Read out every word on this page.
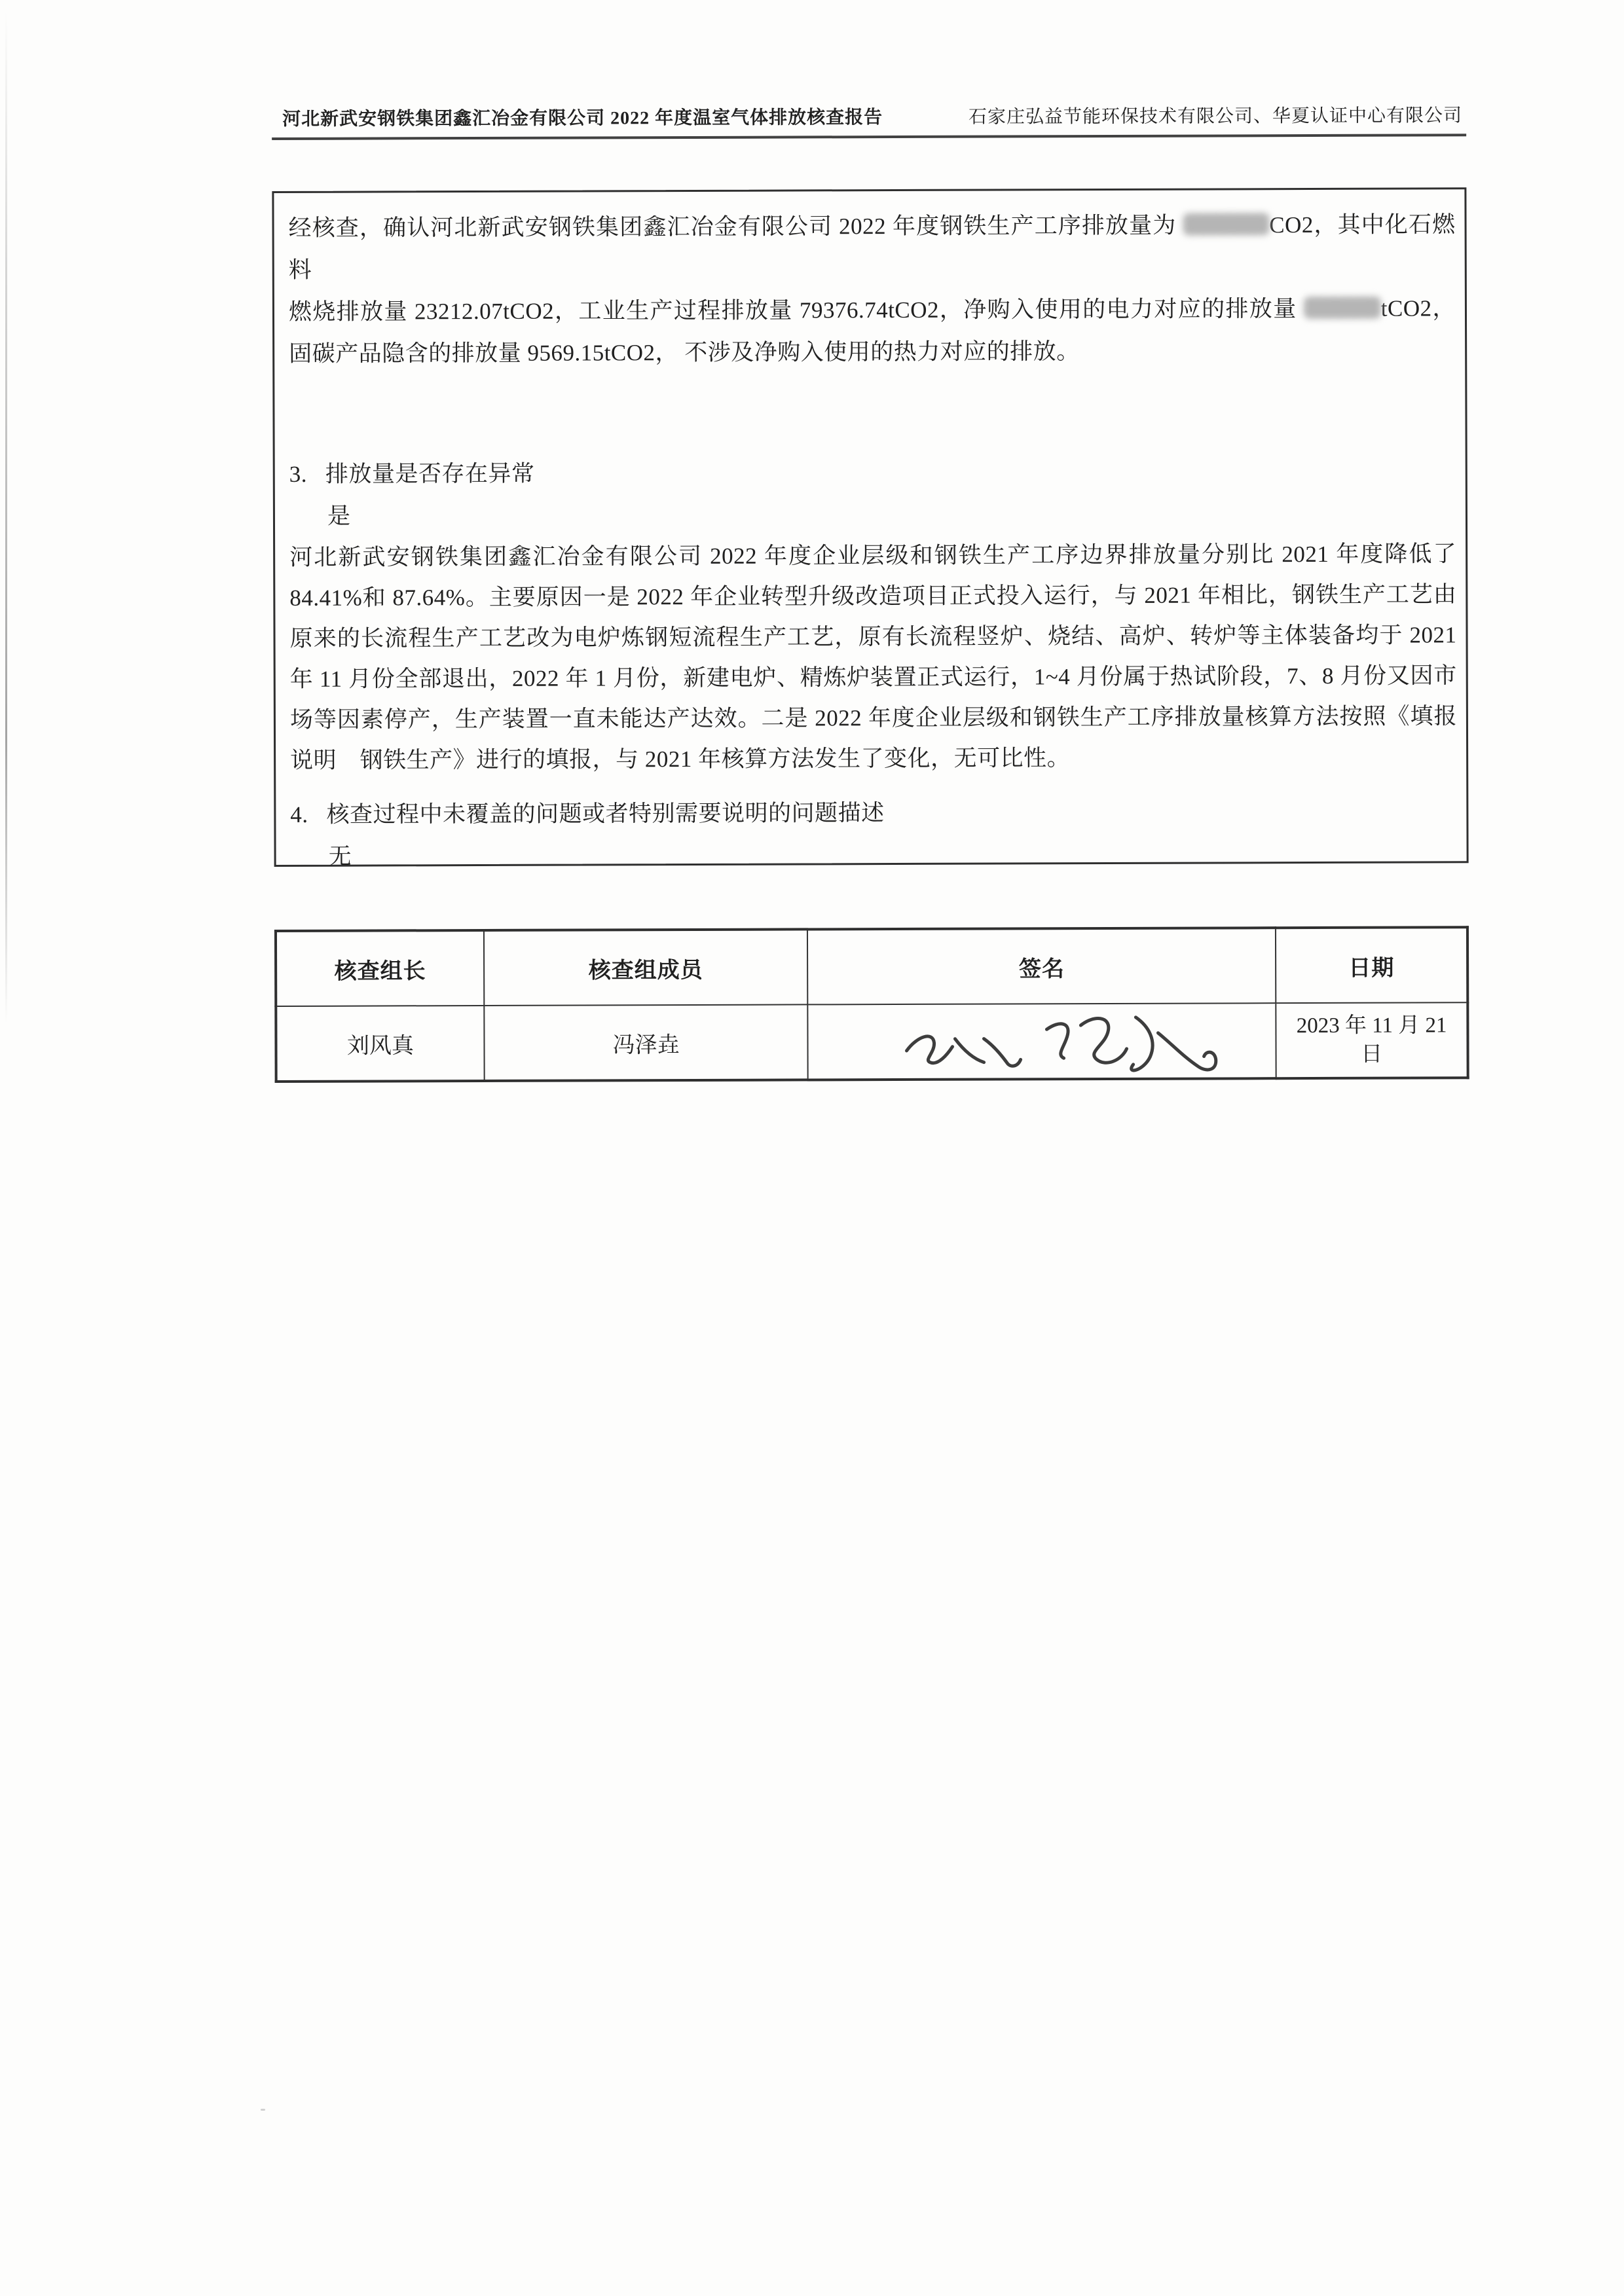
河北新武安钢铁集团鑫汇冶金有限公司 2022 年度温室气体排放核查报告	石家庄弘益节能环保技术有限公司、华夏认证中心有限公司
经核查，确认河北新武安钢铁集团鑫汇冶金有限公司 2022 年度钢铁生产工序排放量为	CO2，其中化石燃料
燃烧排放量 23212.07tCO2，工业生产过程排放量 79376.74tCO2，净购入使用的电力对应的排放量	tCO2，
固碳产品隐含的排放量 9569.15tCO2， 不涉及净购入使用的热力对应的排放。
3. 排放量是否存在异常
是
河北新武安钢铁集团鑫汇冶金有限公司 2022 年度企业层级和钢铁生产工序边界排放量分别比 2021 年度降低了
84.41%和 87.64%。主要原因一是 2022 年企业转型升级改造项目正式投入运行，与 2021 年相比，钢铁生产工艺由
原来的长流程生产工艺改为电炉炼钢短流程生产工艺，原有长流程竖炉、烧结、高炉、转炉等主体装备均于 2021
年 11 月份全部退出，2022 年 1 月份，新建电炉、精炼炉装置正式运行，1~4 月份属于热试阶段，7、8 月份又因市
场等因素停产，生产装置一直未能达产达效。二是 2022 年度企业层级和钢铁生产工序排放量核算方法按照《填报
说明　钢铁生产》进行的填报，与 2021 年核算方法发生了变化，无可比性。
4. 核查过程中未覆盖的问题或者特别需要说明的问题描述
无
核查组长	核查组成员	签名	日期
刘风真	冯泽垚		2023 年 11 月 21
日
